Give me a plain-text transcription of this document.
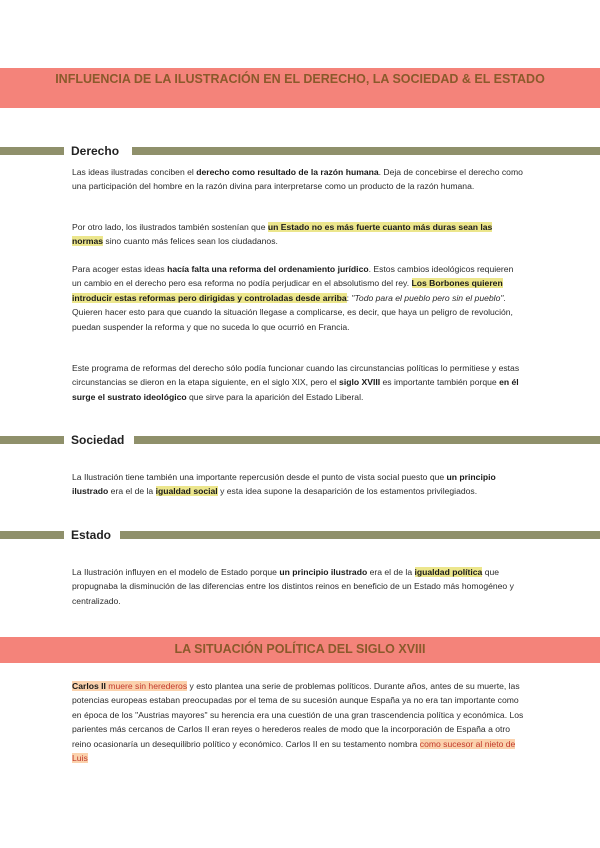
INFLUENCIA DE LA ILUSTRACIÓN EN EL DERECHO, LA SOCIEDAD & EL ESTADO
Derecho
Las ideas ilustradas conciben el derecho como resultado de la razón humana. Deja de concebirse el derecho como una participación del hombre en la razón divina para interpretarse como un producto de la razón humana.
Por otro lado, los ilustrados también sostenían que un Estado no es más fuerte cuanto más duras sean las normas sino cuanto más felices sean los ciudadanos.
Para acoger estas ideas hacía falta una reforma del ordenamiento jurídico. Estos cambios ideológicos requieren un cambio en el derecho pero esa reforma no podía perjudicar en el absolutismo del rey. Los Borbones quieren introducir estas reformas pero dirigidas y controladas desde arriba: "Todo para el pueblo pero sin el pueblo". Quieren hacer esto para que cuando la situación llegase a complicarse, es decir, que haya un peligro de revolución, puedan suspender la reforma y que no suceda lo que ocurrió en Francia.
Este programa de reformas del derecho sólo podía funcionar cuando las circunstancias políticas lo permitiese y estas circunstancias se dieron en la etapa siguiente, en el siglo XIX, pero el siglo XVIII es importante también porque en él surge el sustrato ideológico que sirve para la aparición del Estado Liberal.
Sociedad
La Ilustración tiene también una importante repercusión desde el punto de vista social puesto que un principio ilustrado era el de la igualdad social y esta idea supone la desaparición de los estamentos privilegiados.
Estado
La Ilustración influyen en el modelo de Estado porque un principio ilustrado era el de la igualdad política que propugnaba la disminución de las diferencias entre los distintos reinos en beneficio de un Estado más homogéneo y centralizado.
LA SITUACIÓN POLÍTICA DEL SIGLO XVIII
Carlos II muere sin herederos y esto plantea una serie de problemas políticos. Durante años, antes de su muerte, las potencias europeas estaban preocupadas por el tema de su sucesión aunque España ya no era tan importante como en época de los "Austrias mayores" su herencia era una cuestión de una gran trascendencia política y económica. Los parientes más cercanos de Carlos II eran reyes o herederos reales de modo que la incorporación de España a otro reino ocasionaría un desequilibrio político y económico. Carlos II en su testamento nombra como sucesor al nieto de Luis
